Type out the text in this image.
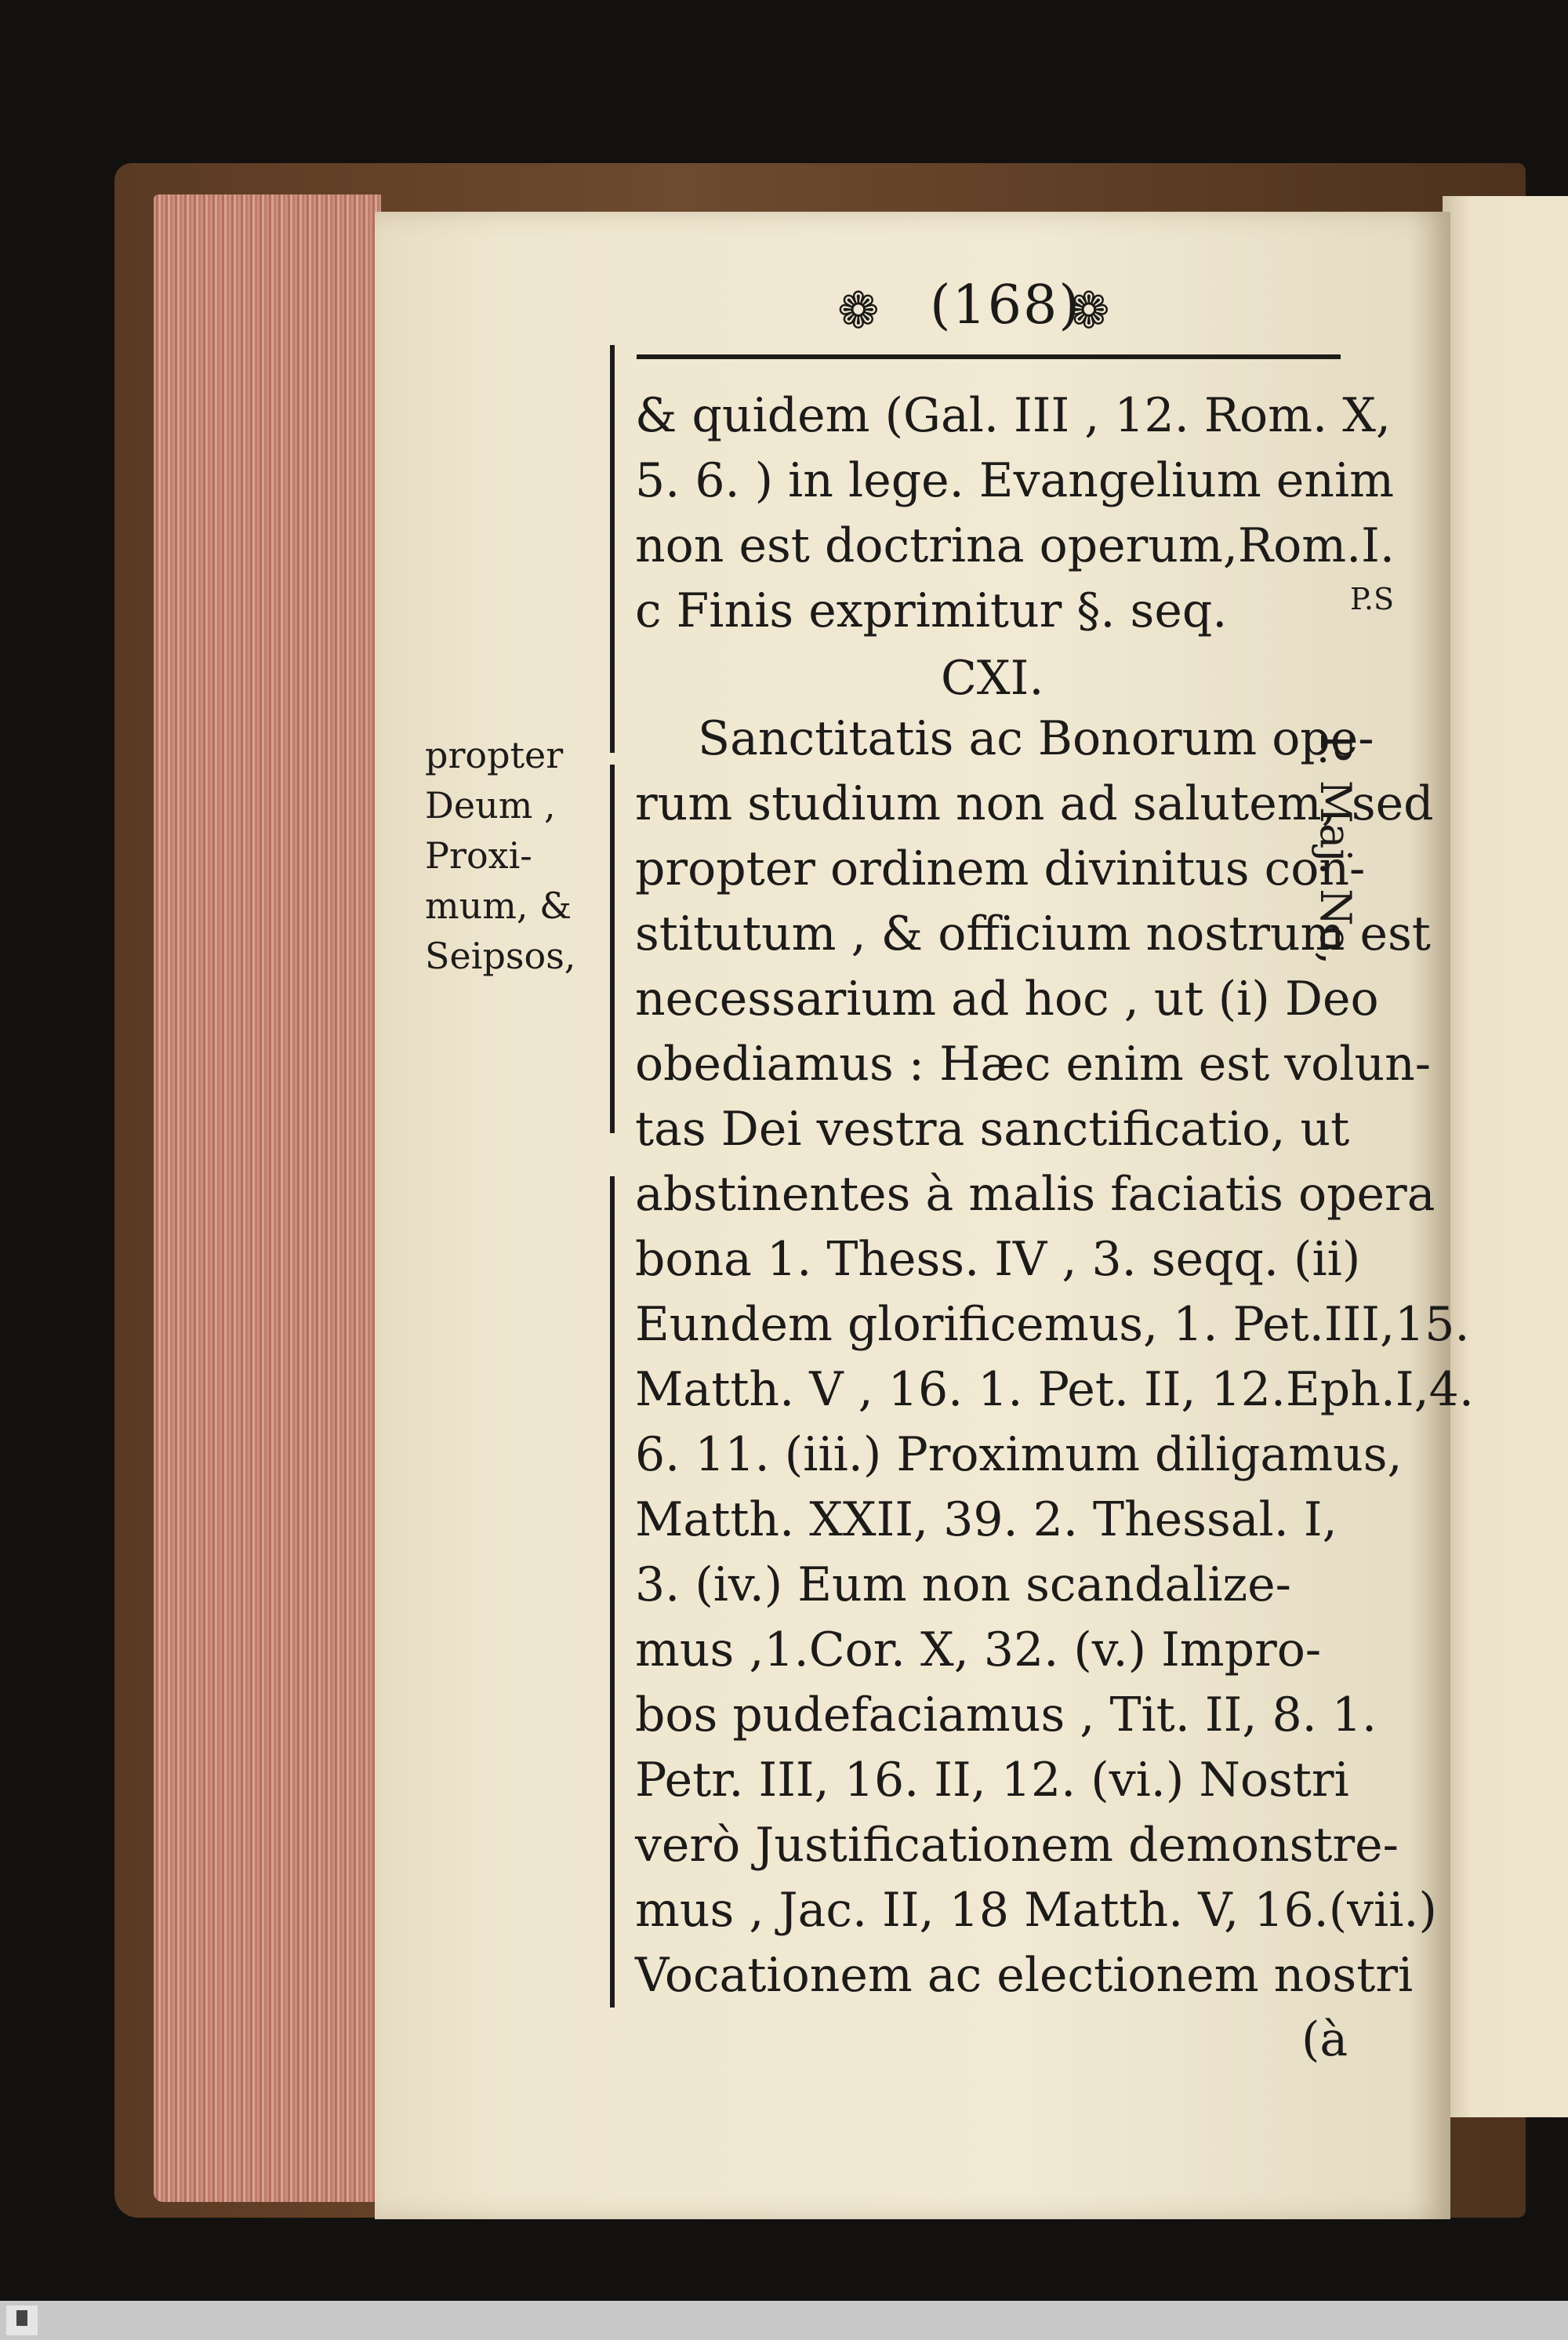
❁ (168)
❁
& quidem (Gal. III , 12. Rom. X,
5. 6. ) in lege. Evangelium enim
non est doctrina operum,Rom.I.
c Finis exprimitur §. seq.
CXI.
Sanctitatis ac Bonorum ope-
rum studium non ad salutem, sed
propter ordinem divinitus con-
stitutum , & officium nostrum est
necessarium ad hoc , ut (i) Deo
obediamus : Hæc enim est volun-
tas Dei vestra sanctificatio, ut
abstinentes à malis faciatis opera
bona 1. Thess. IV , 3. seqq. (ii)
Eundem glorificemus, 1. Pet.III,15.
Matth. V , 16. 1. Pet. II, 12.Eph.I,4.
6. 11. (iii.) Proximum diligamus,
Matth. XXII, 39. 2. Thessal. I,
3. (iv.) Eum non scandalize-
mus ,1.Cor. X, 32. (v.) Impro-
bos pudefaciamus , Tit. II, 8. 1.
Petr. III, 16. II, 12. (vi.) Nostri
verò Justificationem demonstre-
mus , Jac. II, 18 Matth. V, 16.(vii.)
Vocationem ac electionem nostri
(à
propter
Deum ,
Proxi-
mum, &
Seipsos,
P.S
P. Maj. No,
